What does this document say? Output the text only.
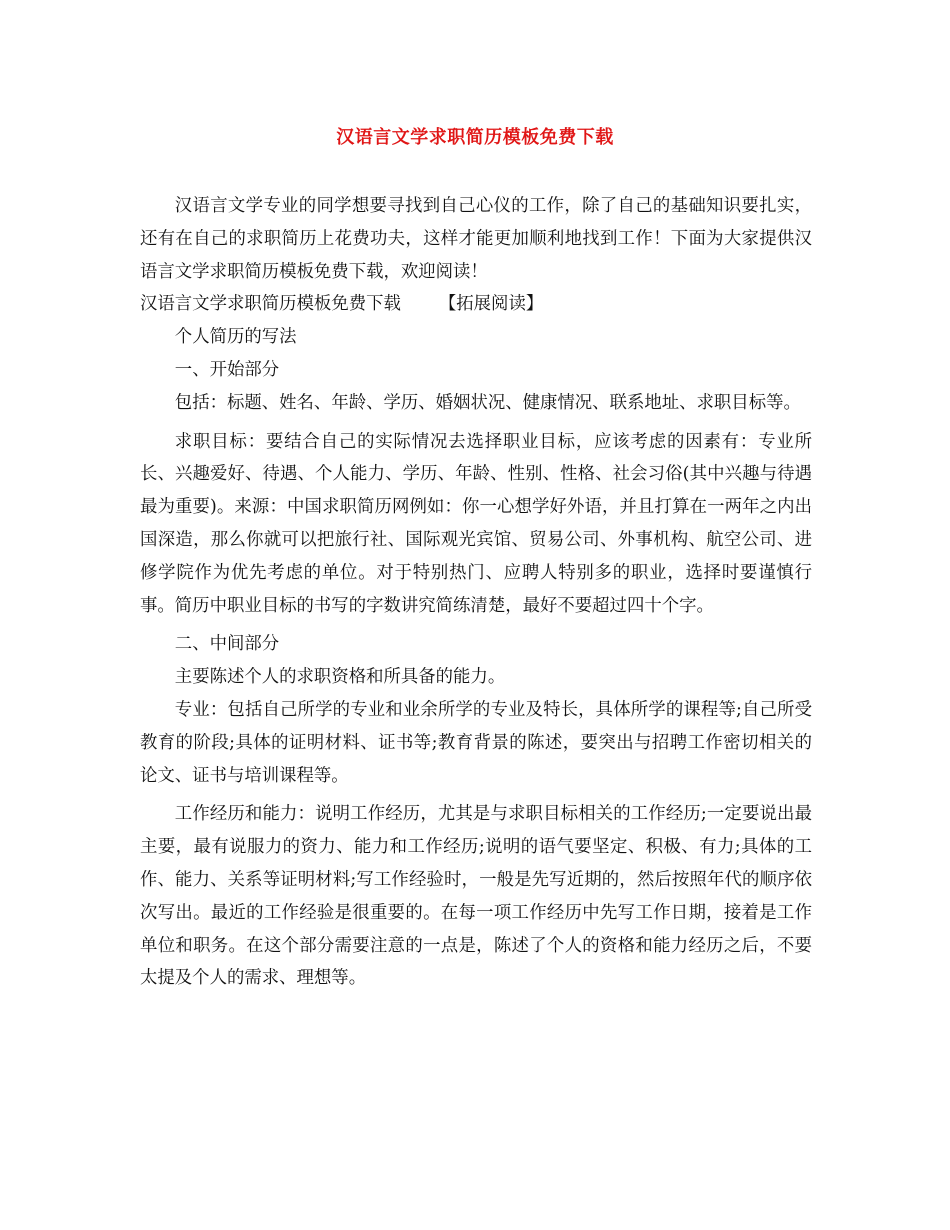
汉语言文学求职简历模板免费下载

汉语言文学专业的同学想要寻找到自己心仪的工作，除了自己的基础知识要扎实，还有在自己的求职简历上花费功夫，这样才能更加顺利地找到工作！下面为大家提供汉语言文学求职简历模板免费下载，欢迎阅读！

汉语言文学求职简历模板免费下载 【拓展阅读】

个人简历的写法

一、开始部分

包括：标题、姓名、年龄、学历、婚姻状况、健康情况、联系地址、求职目标等。

求职目标：要结合自己的实际情况去选择职业目标，应该考虑的因素有：专业所长、兴趣爱好、待遇、个人能力、学历、年龄、性别、性格、社会习俗(其中兴趣与待遇最为重要)。来源：中国求职简历网例如：你一心想学好外语，并且打算在一两年之内出国深造，那么你就可以把旅行社、国际观光宾馆、贸易公司、外事机构、航空公司、进修学院作为优先考虑的单位。对于特别热门、应聘人特别多的职业，选择时要谨慎行事。简历中职业目标的书写的字数讲究简练清楚，最好不要超过四十个字。

二、中间部分

主要陈述个人的求职资格和所具备的能力。

专业：包括自己所学的专业和业余所学的专业及特长，具体所学的课程等;自己所受教育的阶段;具体的证明材料、证书等;教育背景的陈述，要突出与招聘工作密切相关的论文、证书与培训课程等。

工作经历和能力：说明工作经历，尤其是与求职目标相关的工作经历;一定要说出最主要，最有说服力的资力、能力和工作经历;说明的语气要坚定、积极、有力;具体的工作、能力、关系等证明材料;写工作经验时，一般是先写近期的，然后按照年代的顺序依次写出。最近的工作经验是很重要的。在每一项工作经历中先写工作日期，接着是工作单位和职务。在这个部分需要注意的一点是，陈述了个人的资格和能力经历之后，不要太提及个人的需求、理想等。
